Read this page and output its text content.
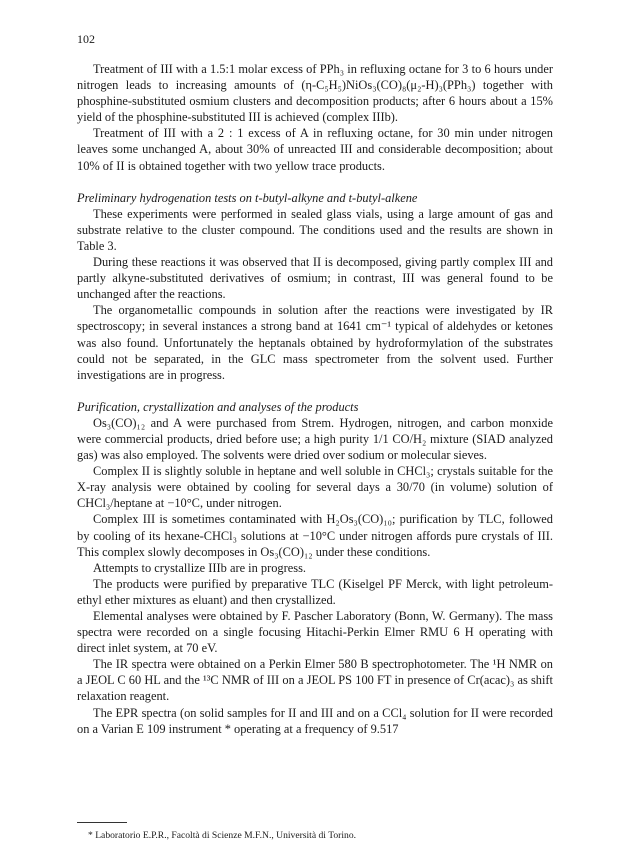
102

Treatment of III with a 1.5:1 molar excess of PPh₃ in refluxing octane for 3 to 6 hours under nitrogen leads to increasing amounts of (η-C₅H₅)NiOs₃(CO)₈(μ₂-H)₃(PPh₃) together with phosphine-substituted osmium clusters and decomposition products; after 6 hours about a 15% yield of the phosphine-substituted III is achieved (complex IIIb).

Treatment of III with a 2 : 1 excess of A in refluxing octane, for 30 min under nitrogen leaves some unchanged A, about 30% of unreacted III and considerable decomposition; about 10% of II is obtained together with two yellow trace products.

Preliminary hydrogenation tests on t-butyl-alkyne and t-butyl-alkene

These experiments were performed in sealed glass vials, using a large amount of gas and substrate relative to the cluster compound. The conditions used and the results are shown in Table 3.

During these reactions it was observed that II is decomposed, giving partly complex III and partly alkyne-substituted derivatives of osmium; in contrast, III was general found to be unchanged after the reactions.

The organometallic compounds in solution after the reactions were investigated by IR spectroscopy; in several instances a strong band at 1641 cm⁻¹ typical of aldehydes or ketones was also found. Unfortunately the heptanals obtained by hydroformylation of the substrates could not be separated, in the GLC mass spectrometer from the solvent used. Further investigations are in progress.

Purification, crystallization and analyses of the products

Os₃(CO)₁₂ and A were purchased from Strem. Hydrogen, nitrogen, and carbon monxide were commercial products, dried before use; a high purity 1/1 CO/H₂ mixture (SIAD analyzed gas) was also employed. The solvents were dried over sodium or molecular sieves.

Complex II is slightly soluble in heptane and well soluble in CHCl₃; crystals suitable for the X-ray analysis were obtained by cooling for several days a 30/70 (in volume) solution of CHCl₃/heptane at −10°C, under nitrogen.

Complex III is sometimes contaminated with H₂Os₃(CO)₁₀; purification by TLC, followed by cooling of its hexane-CHCl₃ solutions at −10°C under nitrogen affords pure crystals of III. This complex slowly decomposes in Os₃(CO)₁₂ under these conditions.

Attempts to crystallize IIIb are in progress.

The products were purified by preparative TLC (Kiselgel PF Merck, with light petroleum-ethyl ether mixtures as eluant) and then crystallized.

Elemental analyses were obtained by F. Pascher Laboratory (Bonn, W. Germany). The mass spectra were recorded on a single focusing Hitachi-Perkin Elmer RMU 6 H operating with direct inlet system, at 70 eV.

The IR spectra were obtained on a Perkin Elmer 580 B spectrophotometer. The ¹H NMR on a JEOL C 60 HL and the ¹³C NMR of III on a JEOL PS 100 FT in presence of Cr(acac)₃ as shift relaxation reagent.

The EPR spectra (on solid samples for II and III and on a CCl₄ solution for II were recorded on a Varian E 109 instrument * operating at a frequency of 9.517

* Laboratorio E.P.R., Facoltà di Scienze M.F.N., Università di Torino.
